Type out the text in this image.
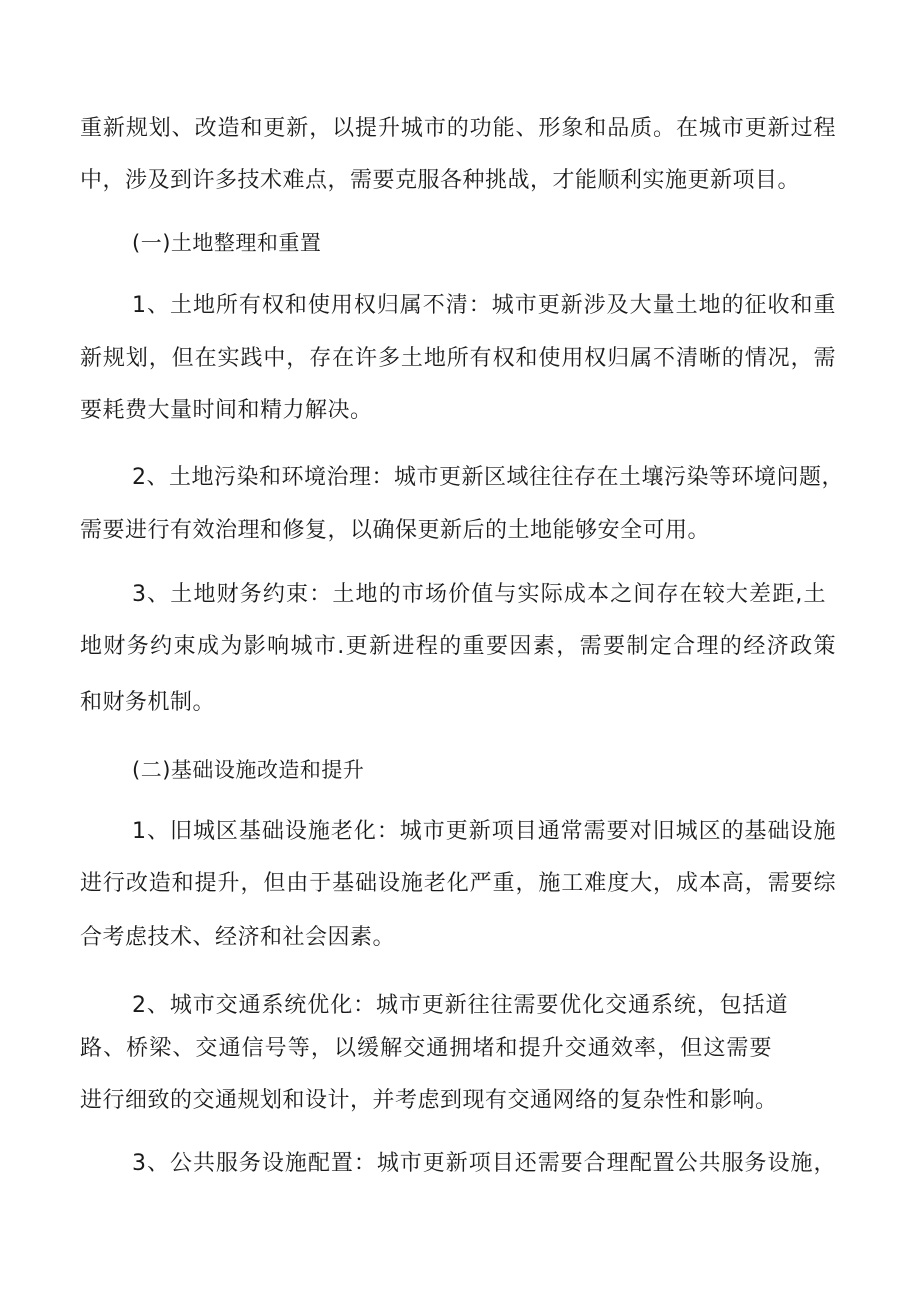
重新规划、改造和更新，以提升城市的功能、形象和品质。在城市更新过程

中，涉及到许多技术难点，需要克服各种挑战，才能顺利实施更新项目。

(一)土地整理和重置

1、土地所有权和使用权归属不清：城市更新涉及大量土地的征收和重

新规划，但在实践中，存在许多土地所有权和使用权归属不清晰的情况，需

要耗费大量时间和精力解决。

2、土地污染和环境治理：城市更新区域往往存在土壤污染等环境问题，

需要进行有效治理和修复，以确保更新后的土地能够安全可用。

3、土地财务约束：土地的市场价值与实际成本之间存在较大差距,土

地财务约束成为影响城市.更新进程的重要因素，需要制定合理的经济政策

和财务机制。

(二)基础设施改造和提升

1、旧城区基础设施老化：城市更新项目通常需要对旧城区的基础设施

进行改造和提升，但由于基础设施老化严重，施工难度大，成本高，需要综

合考虑技术、经济和社会因素。

2、城市交通系统优化：城市更新往往需要优化交通系统，包括道

路、桥梁、交通信号等，以缓解交通拥堵和提升交通效率，但这需要

进行细致的交通规划和设计，并考虑到现有交通网络的复杂性和影响。

3、公共服务设施配置：城市更新项目还需要合理配置公共服务设施，
